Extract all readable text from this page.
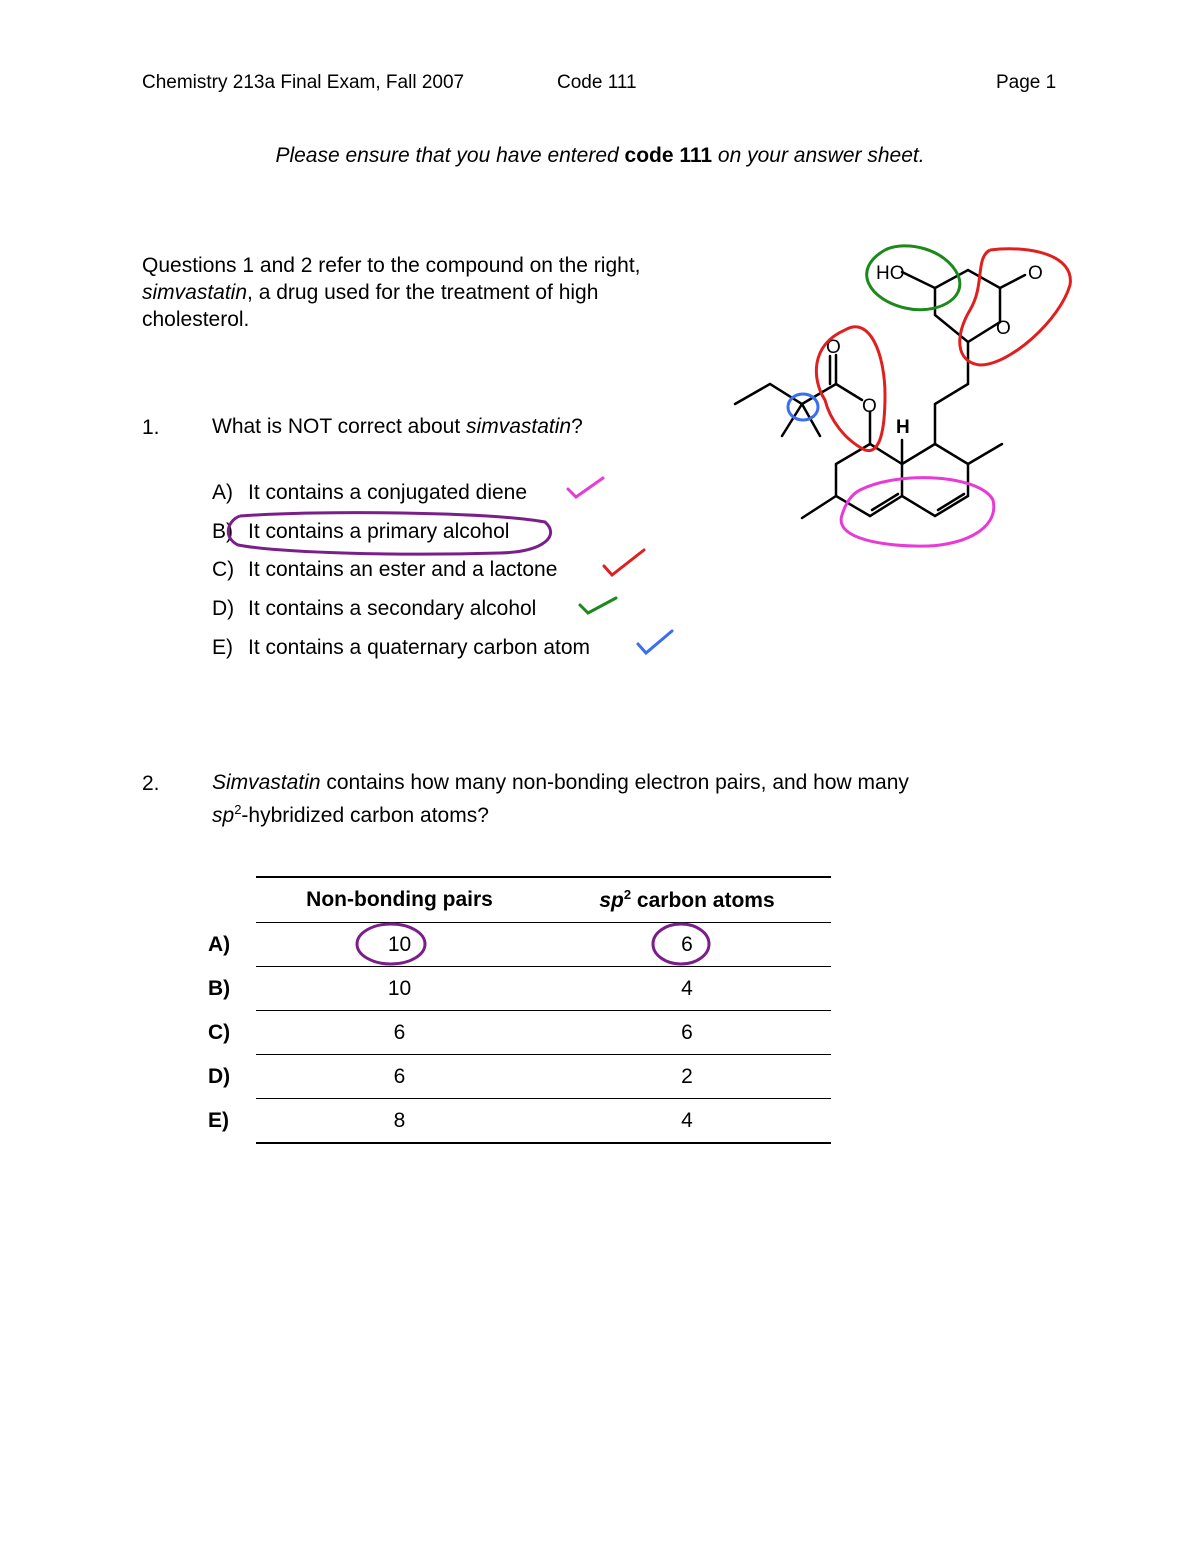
Chemistry 213a Final Exam, Fall 2007	Code 111	Page 1
Please ensure that you have entered code 111 on your answer sheet.
Questions 1 and 2 refer to the compound on the right,
simvastatin, a drug used for the treatment of high
cholesterol.
1. What is NOT correct about simvastatin?
A) It contains a conjugated diene
B) It contains a primary alcohol
C) It contains an ester and a lactone
D) It contains a secondary alcohol
E) It contains a quaternary carbon atom
2. Simvastatin contains how many non-bonding electron pairs, and how many
$sp^2$-hybridized carbon atoms?
Non-bonding pairs	$sp^2$ carbon atoms

A) 10	6

B) 10	4

C) 6	6

D) 6	2

E) 8	4
HO	O
O
O
O
H
